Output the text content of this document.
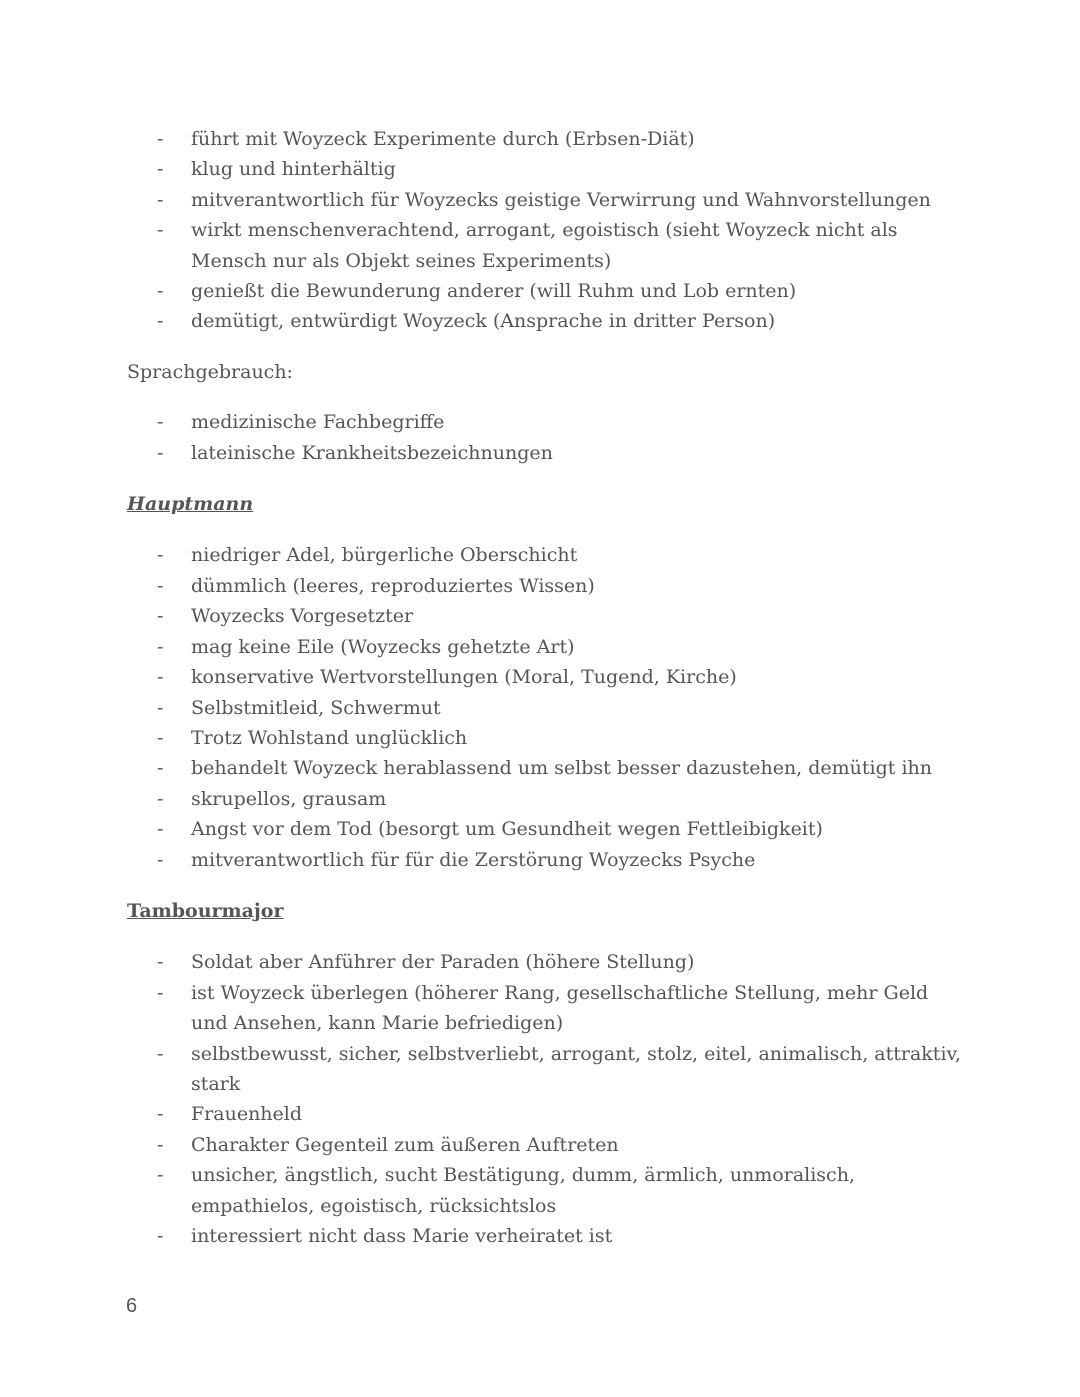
-	führt mit Woyzeck Experimente durch (Erbsen-Diät)
-	klug und hinterhältig
-	mitverantwortlich für Woyzecks geistige Verwirrung und Wahnvorstellungen
-	wirkt menschenverachtend, arrogant, egoistisch (sieht Woyzeck nicht als Mensch nur als Objekt seines Experiments)
-	genießt die Bewunderung anderer (will Ruhm und Lob ernten)
-	demütigt, entwürdigt Woyzeck (Ansprache in dritter Person)
Sprachgebrauch:
-	medizinische Fachbegriffe
-	lateinische Krankheitsbezeichnungen
Hauptmann
-	niedriger Adel, bürgerliche Oberschicht
-	dümmlich (leeres, reproduziertes Wissen)
-	Woyzecks Vorgesetzter
-	mag keine Eile (Woyzecks gehetzte Art)
-	konservative Wertvorstellungen (Moral, Tugend, Kirche)
-	Selbstmitleid, Schwermut
-	Trotz Wohlstand unglücklich
-	behandelt Woyzeck herablassend um selbst besser dazustehen, demütigt ihn
-	skrupellos, grausam
-	Angst vor dem Tod (besorgt um Gesundheit wegen Fettleibigkeit)
-	mitverantwortlich für für die Zerstörung Woyzecks Psyche
Tambourmajor
-	Soldat aber Anführer der Paraden (höhere Stellung)
-	ist Woyzeck überlegen (höherer Rang, gesellschaftliche Stellung, mehr Geld und Ansehen, kann Marie befriedigen)
-	selbstbewusst, sicher, selbstverliebt, arrogant, stolz, eitel, animalisch, attraktiv, stark
-	Frauenheld
-	Charakter Gegenteil zum äußeren Auftreten
-	unsicher, ängstlich, sucht Bestätigung, dumm, ärmlich, unmoralisch, empathielos, egoistisch, rücksichtslos
-	interessiert nicht dass Marie verheiratet ist
6
